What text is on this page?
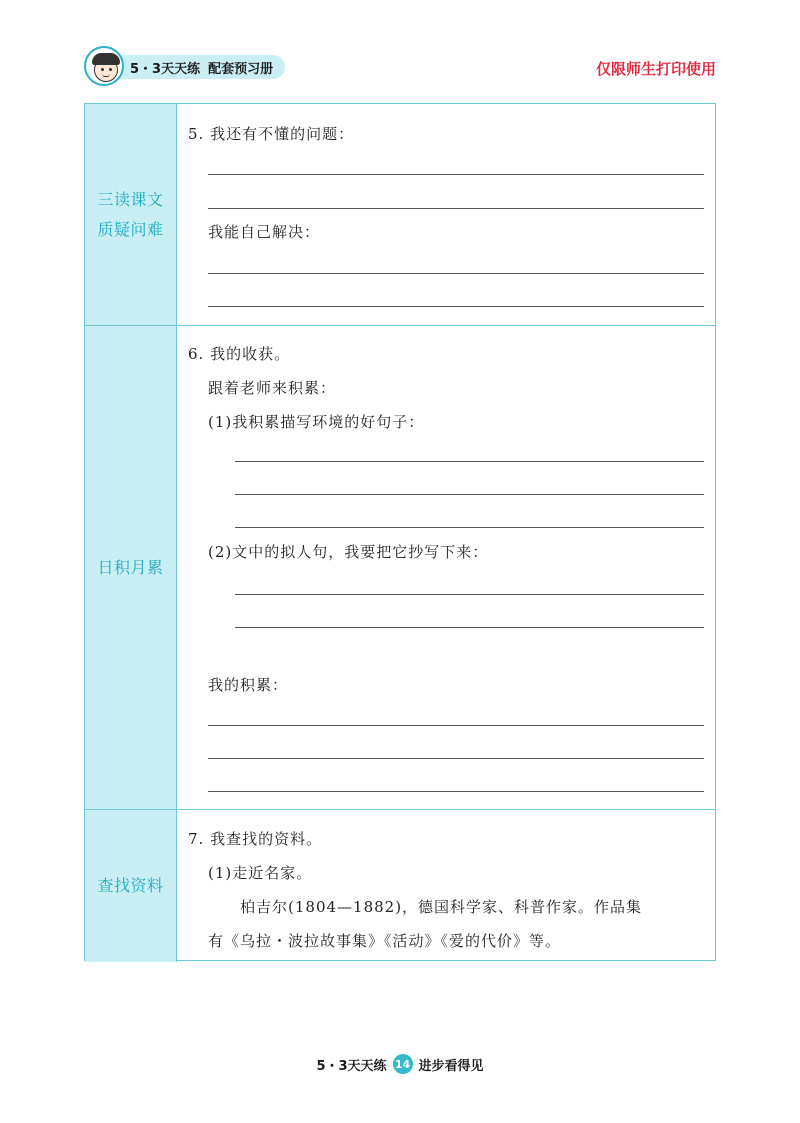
5・3天天练 配套预习册	仅限师生打印使用
三读课文
质疑问难
5. 我还有不懂的问题：
我能自己解决：
日积月累
6. 我的收获。
跟着老师来积累：
(1)我积累描写环境的好句子：
(2)文中的拟人句，我要把它抄写下来：
我的积累：
查找资料
7. 我查找的资料。
(1)走近名家。
柏吉尔(1804—1882)，德国科学家、科普作家。作品集
有《乌拉・波拉故事集》《活动》《爱的代价》等。
5・3天天练 14 进步看得见
